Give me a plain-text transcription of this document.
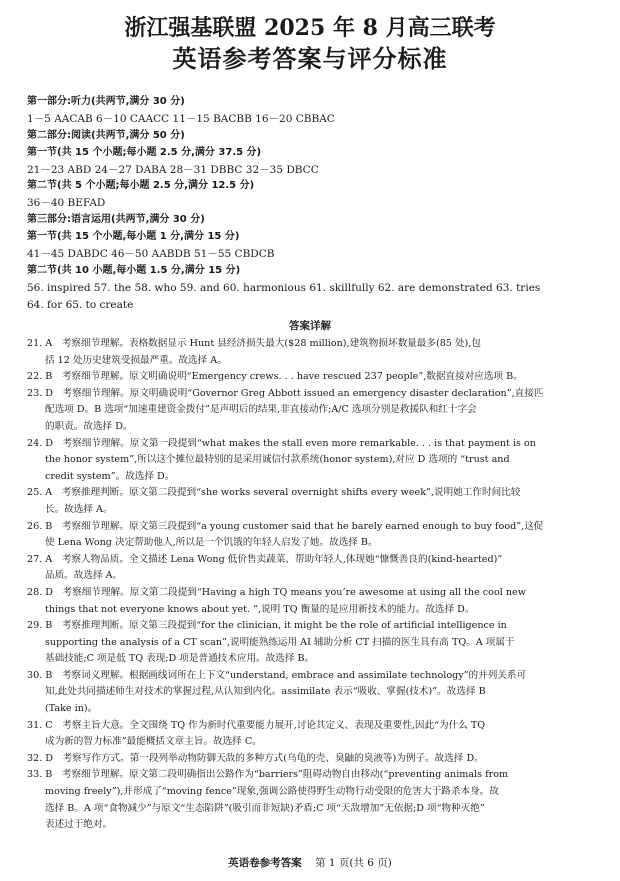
浙江强基联盟 2025 年 8 月高三联考
英语参考答案与评分标准
第一部分:听力(共两节,满分 30 分)
1－5 AACAB 6－10 CAACC 11－15 BACBB 16－20 CBBAC
第二部分:阅读(共两节,满分 50 分)
第一节(共 15 个小题;每小题 2.5 分,满分 37.5 分)
21－23 ABD 24－27 DABA 28－31 DBBC 32－35 DBCC
第二节(共 5 个小题;每小题 2.5 分,满分 12.5 分)
36－40 BEFAD
第三部分:语言运用(共两节,满分 30 分)
第一节(共 15 个小题,每小题 1 分,满分 15 分)
41－45 DABDC 46－50 AABDB 51－55 CBDCB
第二节(共 10 小题,每小题 1.5 分,满分 15 分)
56. inspired 57. the 58. who 59. and 60. harmonious 61. skillfully 62. are demonstrated 63. tries
64. for 65. to create
答案详解
21. A　考察细节理解。表格数据显示 Hunt 县经济损失最大($28 million),建筑物损坏数量最多(85 处),包
括 12 处历史建筑受损最严重。故选择 A。
22. B　考察细节理解。原文明确说明“Emergency crews. . . have rescued 237 people”,数据直接对应选项 B。
23. D　考察细节理解。原文明确说明“Governor Greg Abbott issued an emergency disaster declaration”,直接匹
配选项 D。B 选项“加速重建资金拨付”是声明后的结果,非直接动作;A/C 选项分别是救援队和红十字会
的职责。故选择 D。
24. D　考察细节理解。原文第一段提到“what makes the stall even more remarkable. . . is that payment is on
the honor system”,所以这个摊位最特别的是采用诚信付款系统(honor system),对应 D 选项的 “trust and
credit system”。故选择 D。
25. A　考察推理判断。原文第二段提到“she works several overnight shifts every week”,说明她工作时间比较
长。故选择 A。
26. B　考察细节理解。原文第三段提到“a young customer said that he barely earned enough to buy food”,这促
使 Lena Wong 决定帮助他人,所以是一个饥饿的年轻人启发了她。故选择 B。
27. A　考察人物品质。全文描述 Lena Wong 低价售卖蔬菜、帮助年轻人,体现她“慷慨善良的(kind-hearted)”
品质。故选择 A。
28. D　考察细节理解。原文第二段提到“Having a high TQ means you’re awesome at using all the cool new
things that not everyone knows about yet. ”,说明 TQ 衡量的是应用新技术的能力。故选择 D。
29. B　考察推理判断。原文第三段提到“for the clinician, it might be the role of artificial intelligence in
supporting the analysis of a CT scan”,说明能熟练运用 AI 辅助分析 CT 扫描的医生具有高 TQ。A 项属于
基础技能;C 项是低 TQ 表现;D 项是普通技术应用。故选择 B。
30. B　考察词义理解。根据画线词所在上下文“understand, embrace and assimilate technology”的并列关系可
知,此处共同描述师生对技术的掌握过程,从认知到内化。assimilate 表示“吸收、掌握(技术)”。故选择 B
(Take in)。
31. C　考察主旨大意。全文围绕 TQ 作为新时代重要能力展开,讨论其定义、表现及重要性,因此“为什么 TQ
成为新的智力标准”最能概括文章主旨。故选择 C。
32. D　考察写作方式。第一段列举动物防御天敌的多种方式(乌龟的壳、臭鼬的臭液等)为例子。故选择 D。
33. B　考察细节理解。原文第二段明确指出公路作为“barriers”阻碍动物自由移动(“preventing animals from
moving freely”),并形成了“moving fence”现象,强调公路使得野生动物行动受限的危害大于路杀本身。故
选择 B。A 项“食物减少”与原文“生态陷阱”(吸引而非短缺)矛盾;C 项“天敌增加”无依据;D 项“物种灭绝”
表述过于绝对。
英语卷参考答案 第 1 页(共 6 页)
